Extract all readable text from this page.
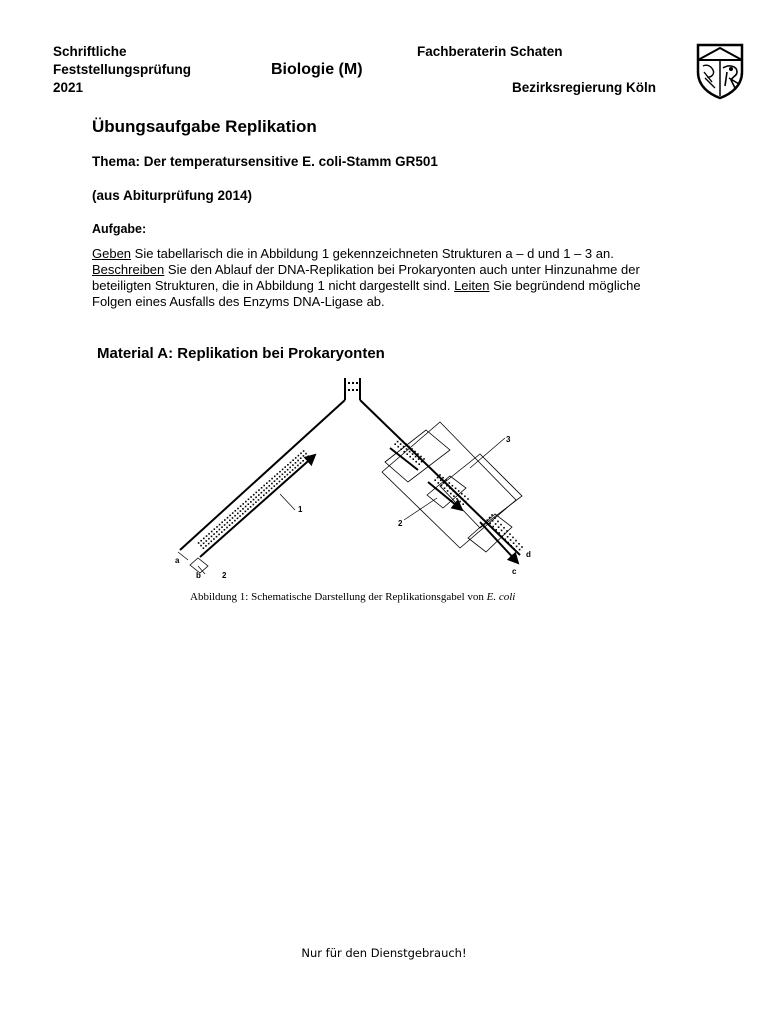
Schriftliche
Feststellungsprüfung
2021
Biologie (M)
Fachberaterin Schaten
Bezirksregierung Köln
Übungsaufgabe Replikation
Thema: Der temperatursensitive E. coli-Stamm GR501
(aus Abiturprüfung 2014)
Aufgabe:
Geben Sie tabellarisch die in Abbildung 1 gekennzeichneten Strukturen a – d und 1 – 3 an.
Beschreiben Sie den Ablauf der DNA-Replikation bei Prokaryonten auch unter Hinzunahme der beteiligten Strukturen, die in Abbildung 1 nicht dargestellt sind. Leiten Sie begründend mögliche Folgen eines Ausfalls des Enzyms DNA-Ligase ab.
Material A: Replikation bei Prokaryonten
1
a
b	2
2
3
d
c
Abbildung 1: Schematische Darstellung der Replikationsgabel von E. coli
Nur für den Dienstgebrauch!
